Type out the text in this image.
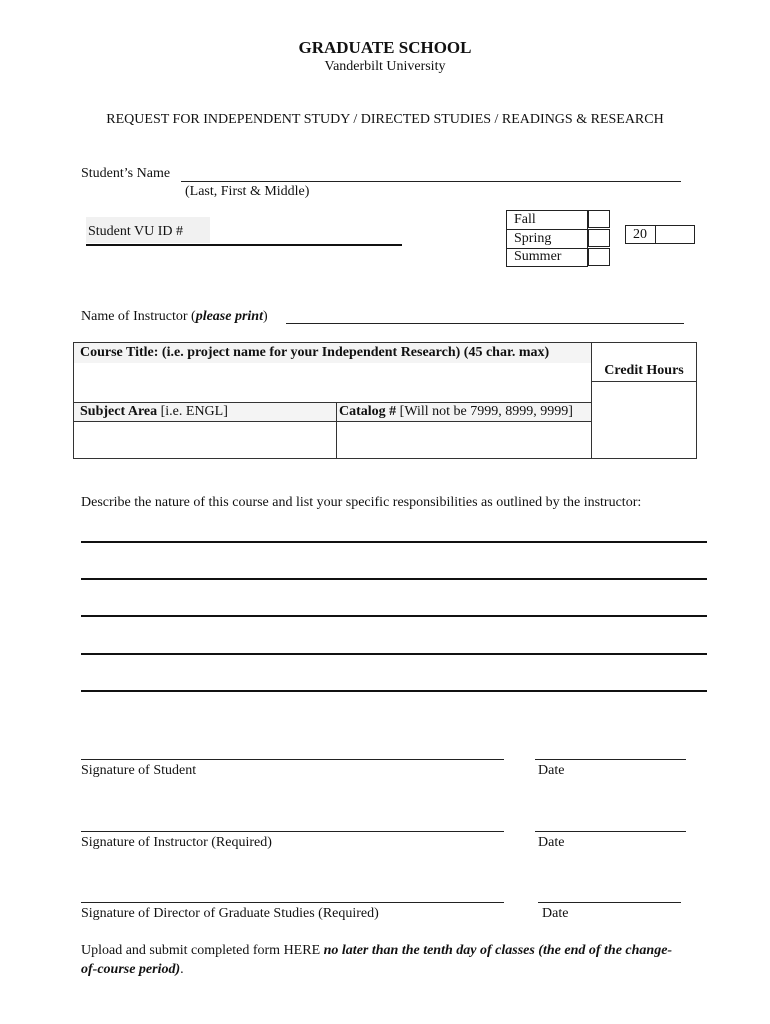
GRADUATE SCHOOL
Vanderbilt University
REQUEST FOR INDEPENDENT STUDY / DIRECTED STUDIES / READINGS & RESEARCH
Student’s Name
(Last, First & Middle)
Student VU ID #
Fall
Spring
Summer
20
Name of Instructor (please print)
Course Title: (i.e. project name for your Independent Research) (45 char. max)
Credit Hours
Subject Area [i.e. ENGL]	Catalog # [Will not be 7999, 8999, 9999]
Describe the nature of this course and list your specific responsibilities as outlined by the instructor:
Signature of Student	Date
Signature of Instructor (Required)	Date
Signature of Director of Graduate Studies (Required)	Date
Upload and submit completed form HERE no later than the tenth day of classes (the end of the change-of-course period).
